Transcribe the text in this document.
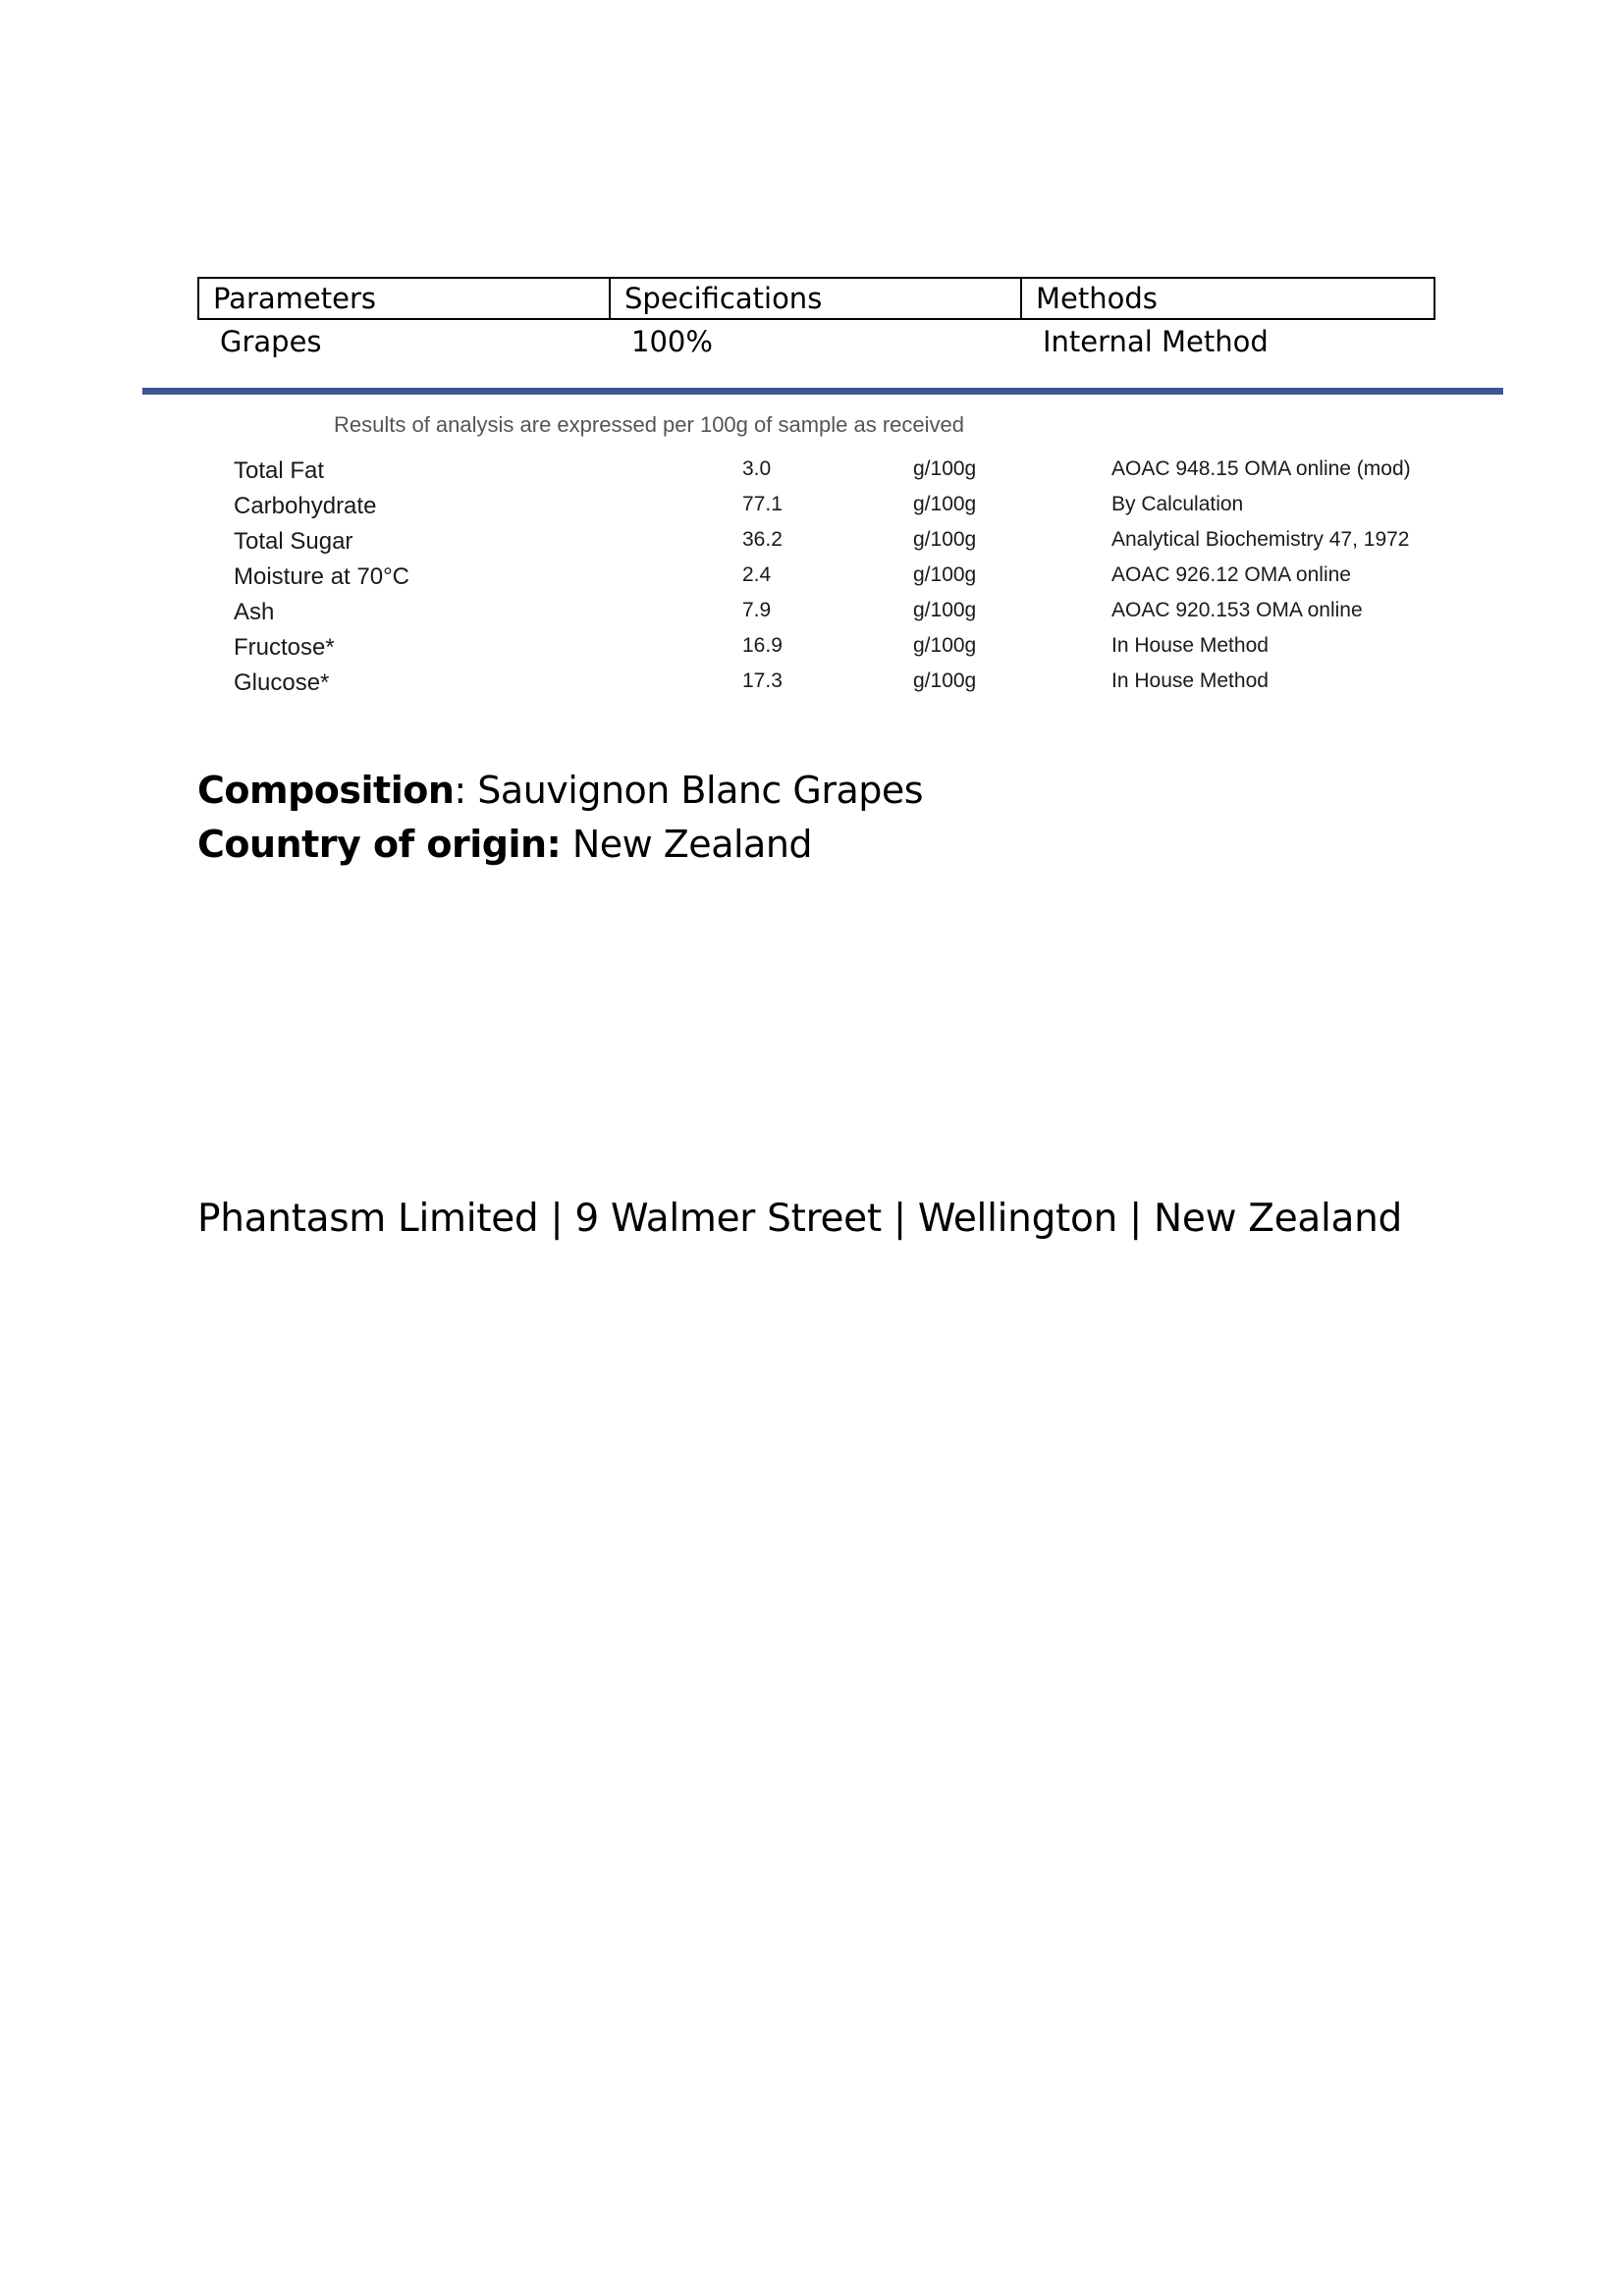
Parameters	Specifications	Methods
Grapes	100%	Internal Method
Results of analysis are expressed per 100g of sample as received
Total Fat	3.0	g/100g	AOAC 948.15 OMA online (mod)
Carbohydrate	77.1	g/100g	By Calculation
Total Sugar	36.2	g/100g	Analytical Biochemistry 47, 1972
Moisture at 70°C	2.4	g/100g	AOAC 926.12 OMA online
Ash	7.9	g/100g	AOAC 920.153 OMA online
Fructose*	16.9	g/100g	In House Method
Glucose*	17.3	g/100g	In House Method
Composition: Sauvignon Blanc Grapes
Country of origin: New Zealand
Phantasm Limited | 9 Walmer Street | Wellington | New Zealand
